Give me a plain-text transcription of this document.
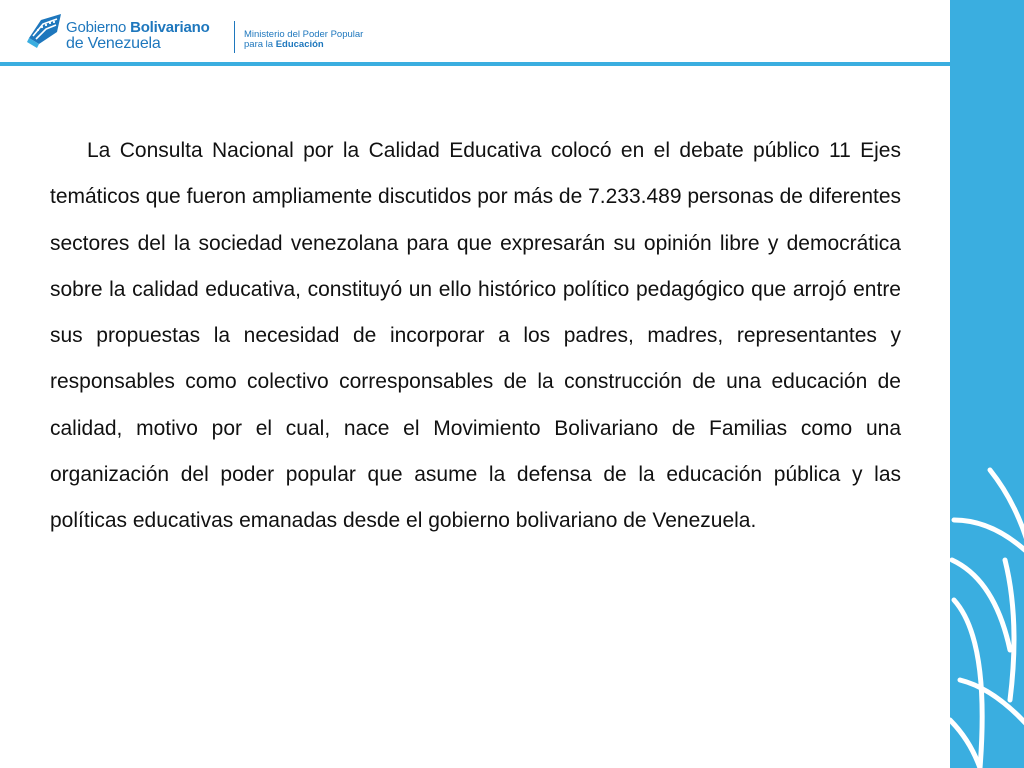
Gobierno Bolivariano
de Venezuela
Ministerio del Poder Popular
para la Educación

La Consulta Nacional por la Calidad Educativa colocó en el debate público 11 Ejes temáticos que fueron ampliamente discutidos por más de 7.233.489 personas de diferentes sectores del la sociedad venezolana para que expresarán su opinión libre y democrática sobre la calidad educativa, constituyó un ello histórico político pedagógico que arrojó entre sus propuestas la necesidad de incorporar a los padres, madres, representantes y responsables como colectivo corresponsables de la construcción de una educación de calidad, motivo por el cual, nace el Movimiento Bolivariano de Familias como una organización del poder popular que asume la defensa de la educación pública y las políticas educativas emanadas desde el gobierno bolivariano de Venezuela.
